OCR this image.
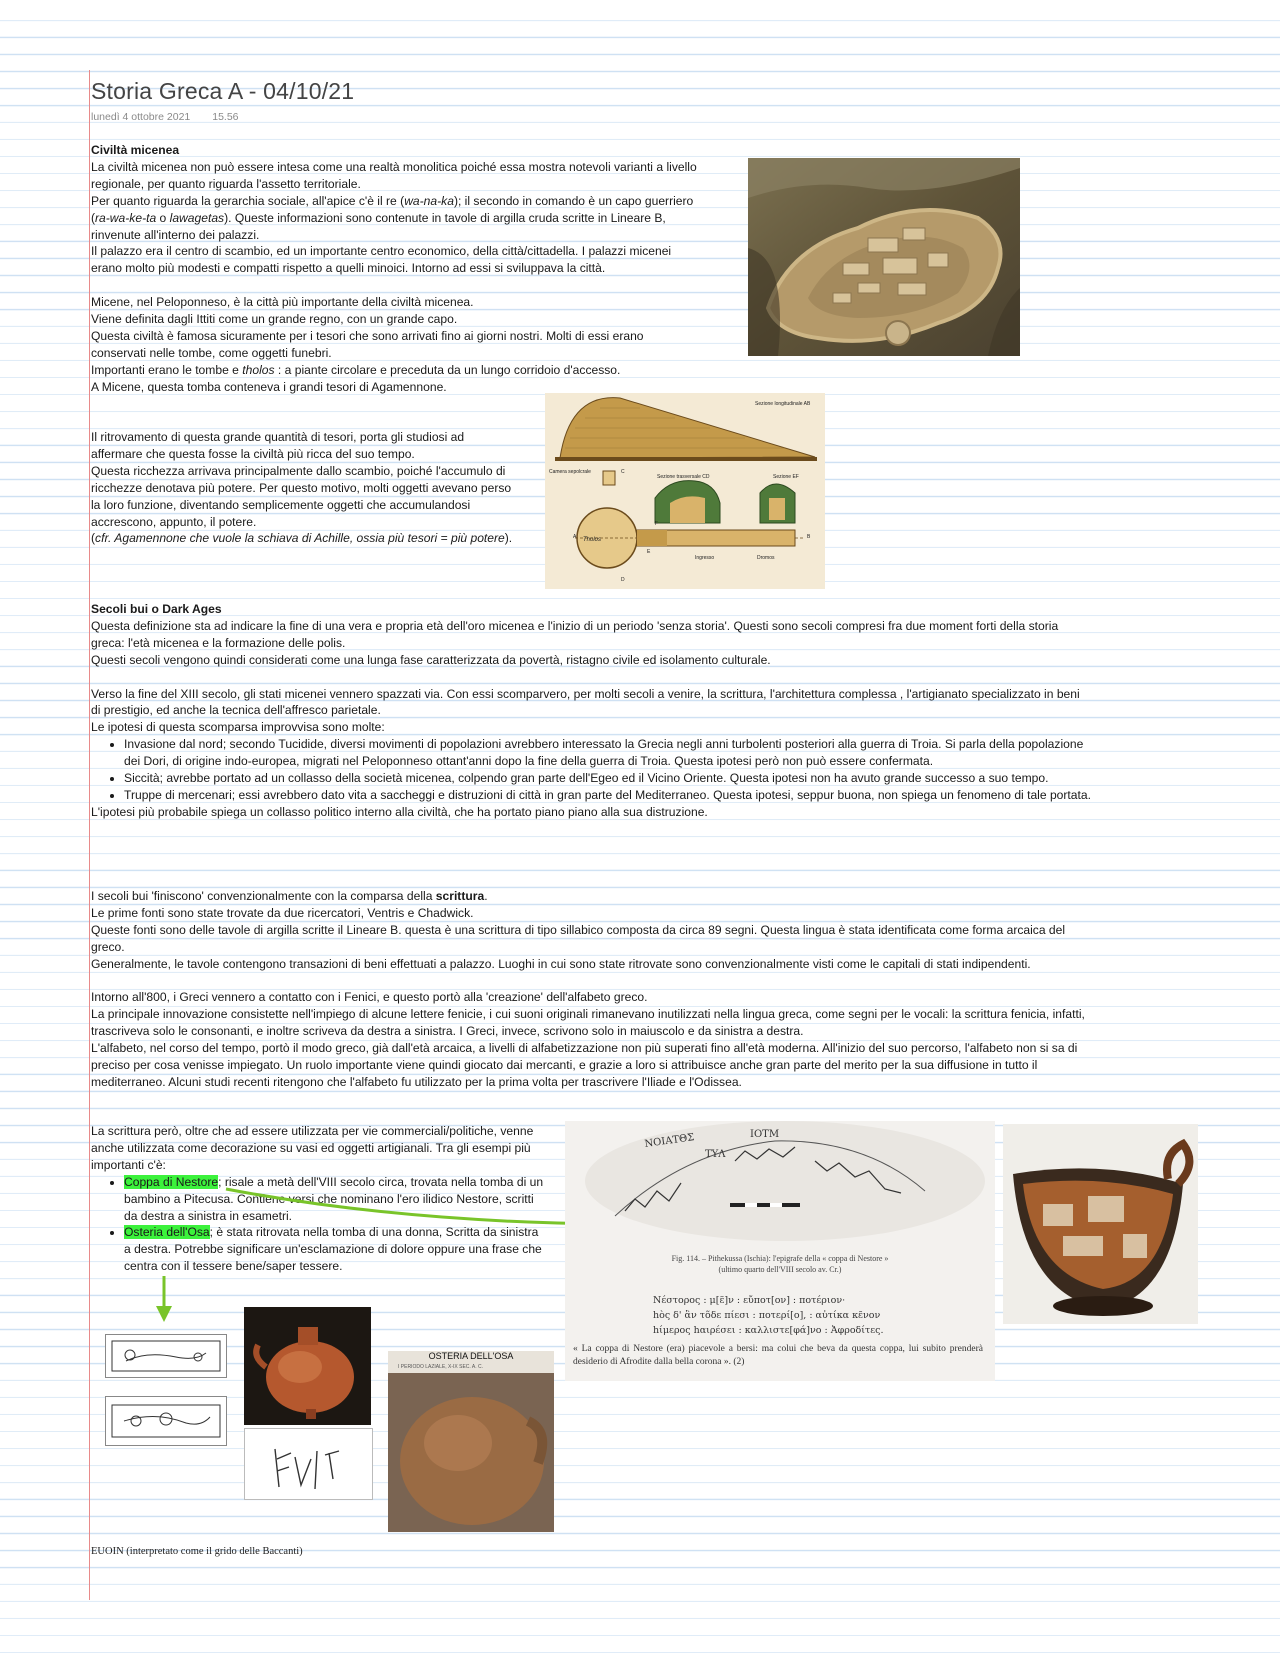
Storia Greca A - 04/10/21
lunedì 4 ottobre 2021 15.56
Civiltà micenea

La civiltà micenea non può essere intesa come una realtà monolitica poiché essa mostra notevoli varianti a livello regionale, per quanto riguarda l'assetto territoriale.

Per quanto riguarda la gerarchia sociale, all'apice c'è il re (wa-na-ka); il secondo in comando è un capo guerriero (ra-wa-ke-ta o lawagetas). Queste informazioni sono contenute in tavole di argilla cruda scritte in Lineare B, rinvenute all'interno dei palazzi.

Il palazzo era il centro di scambio, ed un importante centro economico, della città/cittadella. I palazzi micenei erano molto più modesti e compatti rispetto a quelli minoici. Intorno ad essi si sviluppava la città.

Micene, nel Peloponneso, è la città più importante della civiltà micenea.

Viene definita dagli Ittiti come un grande regno, con un grande capo.

Questa civiltà è famosa sicuramente per i tesori che sono arrivati fino ai giorni nostri. Molti di essi erano conservati nelle tombe, come oggetti funebri.

Importanti erano le tombe e tholos : a piante circolare e preceduta da un lungo corridoio d'accesso.

A Micene, questa tomba conteneva i grandi tesori di Agamennone.

Il ritrovamento di questa grande quantità di tesori, porta gli studiosi ad affermare che questa fosse la civiltà più ricca del suo tempo.

Questa ricchezza arrivava principalmente dallo scambio, poiché l'accumulo di ricchezze denotava più potere. Per questo motivo, molti oggetti avevano perso la loro funzione, diventando semplicemente oggetti che accumulandosi accrescono, appunto, il potere.

(cfr. Agamennone che vuole la schiava di Achille, ossia più tesori = più potere).

Sezione longitudinale AB
Camera sepolcrale
Sezione trasversale CD	Sezione EF
Tholos
Ingresso	Dromos
A	B
C
D
E
F
Secoli bui o Dark Ages

Questa definizione sta ad indicare la fine di una vera e propria età dell'oro micenea e l'inizio di un periodo 'senza storia'. Questi sono secoli compresi fra due moment forti della storia greca: l'età micenea e la formazione delle polis.

Questi secoli vengono quindi considerati come una lunga fase caratterizzata da povertà, ristagno civile ed isolamento culturale.

Verso la fine del XIII secolo, gli stati micenei vennero spazzati via. Con essi scomparvero, per molti secoli a venire, la scrittura, l'architettura complessa , l'artigianato specializzato in beni di prestigio, ed anche la tecnica dell'affresco parietale.

Le ipotesi di questa scomparsa improvvisa sono molte:

• Invasione dal nord; secondo Tucidide, diversi movimenti di popolazioni avrebbero interessato la Grecia negli anni turbolenti posteriori alla guerra di Troia. Si parla della popolazione dei Dori, di origine indo-europea, migrati nel Peloponneso ottant'anni dopo la fine della guerra di Troia. Questa ipotesi però non può essere confermata.
• Siccità; avrebbe portato ad un collasso della società micenea, colpendo gran parte dell'Egeo ed il Vicino Oriente. Questa ipotesi non ha avuto grande successo a suo tempo.
• Truppe di mercenari; essi avrebbero dato vita a saccheggi e distruzioni di città in gran parte del Mediterraneo. Questa ipotesi, seppur buona, non spiega un fenomeno di tale portata.

L'ipotesi più probabile spiega un collasso politico interno alla civiltà, che ha portato piano piano alla sua distruzione.

I secoli bui 'finiscono' convenzionalmente con la comparsa della scrittura.

Le prime fonti sono state trovate da due ricercatori, Ventris e Chadwick.

Queste fonti sono delle tavole di argilla scritte il Lineare B. questa è una scrittura di tipo sillabico composta da circa 89 segni. Questa lingua è stata identificata come forma arcaica del greco.

Generalmente, le tavole contengono transazioni di beni effettuati a palazzo. Luoghi in cui sono state ritrovate sono convenzionalmente visti come le capitali di stati indipendenti.

Intorno all'800, i Greci vennero a contatto con i Fenici, e questo portò alla 'creazione' dell'alfabeto greco.

La principale innovazione consistette nell'impiego di alcune lettere fenicie, i cui suoni originali rimanevano inutilizzati nella lingua greca, come segni per le vocali: la scrittura fenicia, infatti, trascriveva solo le consonanti, e inoltre scriveva da destra a sinistra. I Greci, invece, scrivono solo in maiuscolo e da sinistra a destra.

L'alfabeto, nel corso del tempo, portò il modo greco, già dall'età arcaica, a livelli di alfabetizzazione non più superati fino all'età moderna. All'inizio del suo percorso, l'alfabeto non si sa di preciso per cosa venisse impiegato. Un ruolo importante viene quindi giocato dai mercanti, e grazie a loro si attribuisce anche gran parte del merito per la sua diffusione in tutto il mediterraneo. Alcuni studi recenti ritengono che l'alfabeto fu utilizzato per la prima volta per trascrivere l'Iliade e l'Odissea.

La scrittura però, oltre che ad essere utilizzata per vie commerciali/politiche, venne anche utilizzata come decorazione su vasi ed oggetti artigianali. Tra gli esempi più importanti c'è:

• Coppa di Nestore; risale a metà dell'VIII secolo circa, trovata nella tomba di un bambino a Pitecusa. Contiene versi che nominano l'ero ilidico Nestore, scritti da destra a sinistra in esametri.
• Osteria dell'Osa; è stata ritrovata nella tomba di una donna, Scritta da sinistra a destra. Potrebbe significare un'esclamazione di dolore oppure una frase che centra con il tessere bene/saper tessere.
OSTERIA DELL'OSA
I PERIODO LAZIALE, X-IX SEC. A. C.
ΝΟΙΑΤΘΣ	ΙΟΤΜ
ΤΥΛ
Fig. 114. – Pithekussa (Ischia): l'epigrafe della « coppa di Nestore »
(ultimo quarto dell'VIII secolo av. Cr.)
Νέστορος : μ[ε̃]ν : εὔποτ[ον] : ποτέριον·
hὸς δ' ἂν τõδε πίεσι : ποτερί[ο], : αὐτίκα κε̃νον
hίμερος hαιρέσει : καλλιστε[φά]νο : Ἀφροδίτες.
« La coppa di Nestore (era) piacevole a bersi: ma colui che beva da questa coppa, lui subito prenderà desiderio di Afrodite dalla bella corona ». (2)
EUOIN (interpretato come il grido delle Baccanti)
